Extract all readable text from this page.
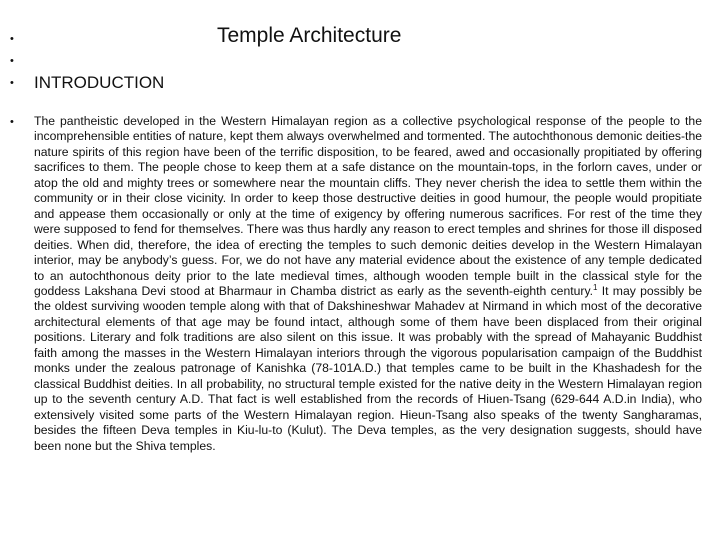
•	Temple Architecture
•
• INTRODUCTION
• The pantheistic developed in the Western Himalayan region as a collective psychological response of the people to the incomprehensible entities of nature, kept them always overwhelmed and tormented. The autochthonous demonic deities-the nature spirits of this region have been of the terrific disposition, to be feared, awed and occasionally propitiated by offering sacrifices to them. The people chose to keep them at a safe distance on the mountain-tops, in the forlorn caves, under or atop the old and mighty trees or somewhere near the mountain cliffs. They never cherish the idea to settle them within the community or in their close vicinity. In order to keep those destructive deities in good humour, the people would propitiate and appease them occasionally or only at the time of exigency by offering numerous sacrifices. For rest of the time they were supposed to fend for themselves. There was thus hardly any reason to erect temples and shrines for those ill disposed deities. When did, therefore, the idea of erecting the temples to such demonic deities develop in the Western Himalayan interior, may be anybody’s guess. For, we do not have any material evidence about the existence of any temple dedicated to an autochthonous deity prior to the late medieval times, although wooden temple built in the classical style for the goddess Lakshana Devi stood at Bharmaur in Chamba district as early as the seventh-eighth century.$^1$ It may possibly be the oldest surviving wooden temple along with that of Dakshineshwar Mahadev at Nirmand in which most of the decorative architectural elements of that age may be found intact, although some of them have been displaced from their original positions. Literary and folk traditions are also silent on this issue. It was probably with the spread of Mahayanic Buddhist faith among the masses in the Western Himalayan interiors through the vigorous popularisation campaign of the Buddhist monks under the zealous patronage of Kanishka (78-101A.D.) that temples came to be built in the Khashadesh for the classical Buddhist deities. In all probability, no structural temple existed for the native deity in the Western Himalayan region up to the seventh century A.D. That fact is well established from the records of Hiuen-Tsang (629-644 A.D.in India), who extensively visited some parts of the Western Himalayan region. Hieun-Tsang also speaks of the twenty Sangharamas, besides the fifteen Deva temples in Kiu-lu-to (Kulut). The Deva temples, as the very designation suggests, should have been none but the Shiva temples.
